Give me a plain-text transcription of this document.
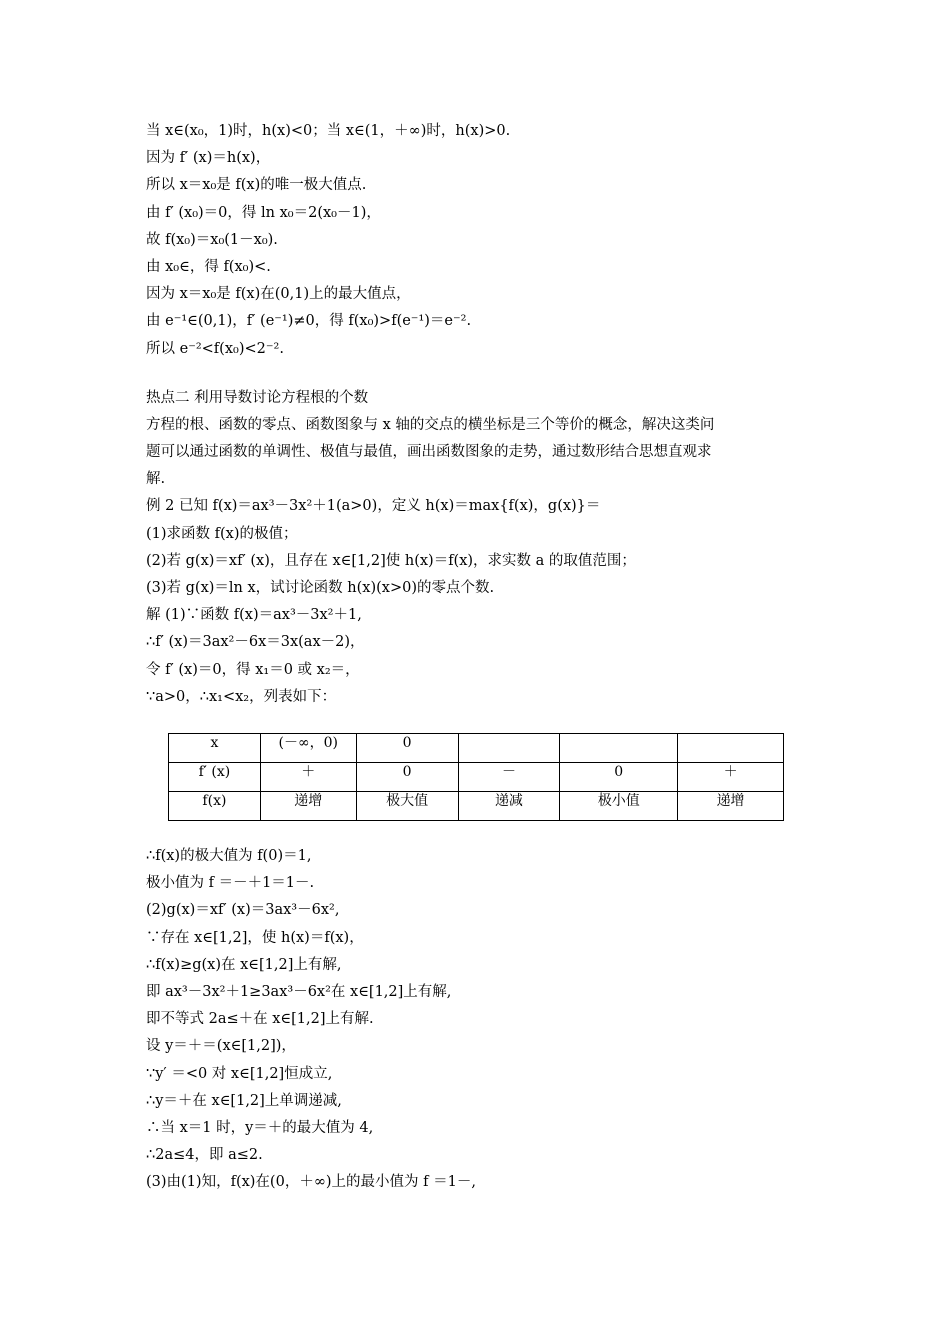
当 x∈(x₀，1)时，h(x)<0；当 x∈(1，＋∞)时，h(x)>0.
因为 f′ (x)＝h(x)，
所以 x＝x₀是 f(x)的唯一极大值点.
由 f′ (x₀)＝0，得 ln x₀＝2(x₀－1)，
故 f(x₀)＝x₀(1－x₀).
由 x₀∈，得 f(x₀)<.
因为 x＝x₀是 f(x)在(0,1)上的最大值点，
由 e⁻¹∈(0,1)，f′ (e⁻¹)≠0，得 f(x₀)>f(e⁻¹)＝e⁻².
所以 e⁻²<f(x₀)<2⁻².
热点二 利用导数讨论方程根的个数
方程的根、函数的零点、函数图象与 x 轴的交点的横坐标是三个等价的概念，解决这类问
题可以通过函数的单调性、极值与最值，画出函数图象的走势，通过数形结合思想直观求
解.
例 2 已知 f(x)＝ax³－3x²＋1(a>0)，定义 h(x)＝max{f(x)，g(x)}＝
(1)求函数 f(x)的极值；
(2)若 g(x)＝xf′ (x)，且存在 x∈[1,2]使 h(x)＝f(x)，求实数 a 的取值范围；
(3)若 g(x)＝ln x，试讨论函数 h(x)(x>0)的零点个数.
解 (1)∵函数 f(x)＝ax³－3x²＋1,
∴f′ (x)＝3ax²－6x＝3x(ax－2)，
令 f′ (x)＝0，得 x₁＝0 或 x₂＝，
∵a>0，∴x₁<x₂，列表如下：
x	(－∞，0)	0			
f′ (x)	＋	0	－	0	＋
f(x)	递增	极大值	递减	极小值	递增
∴f(x)的极大值为 f(0)＝1,
极小值为 f ＝－＋1＝1－.
(2)g(x)＝xf′ (x)＝3ax³－6x²,
∵存在 x∈[1,2]，使 h(x)＝f(x)，
∴f(x)≥g(x)在 x∈[1,2]上有解,
即 ax³－3x²＋1≥3ax³－6x²在 x∈[1,2]上有解,
即不等式 2a≤＋在 x∈[1,2]上有解.
设 y＝＋＝(x∈[1,2])，
∵y′ ＝<0 对 x∈[1,2]恒成立,
∴y＝＋在 x∈[1,2]上单调递减,
∴当 x＝1 时，y＝＋的最大值为 4,
∴2a≤4，即 a≤2.
(3)由(1)知，f(x)在(0，＋∞)上的最小值为 f ＝1－,
